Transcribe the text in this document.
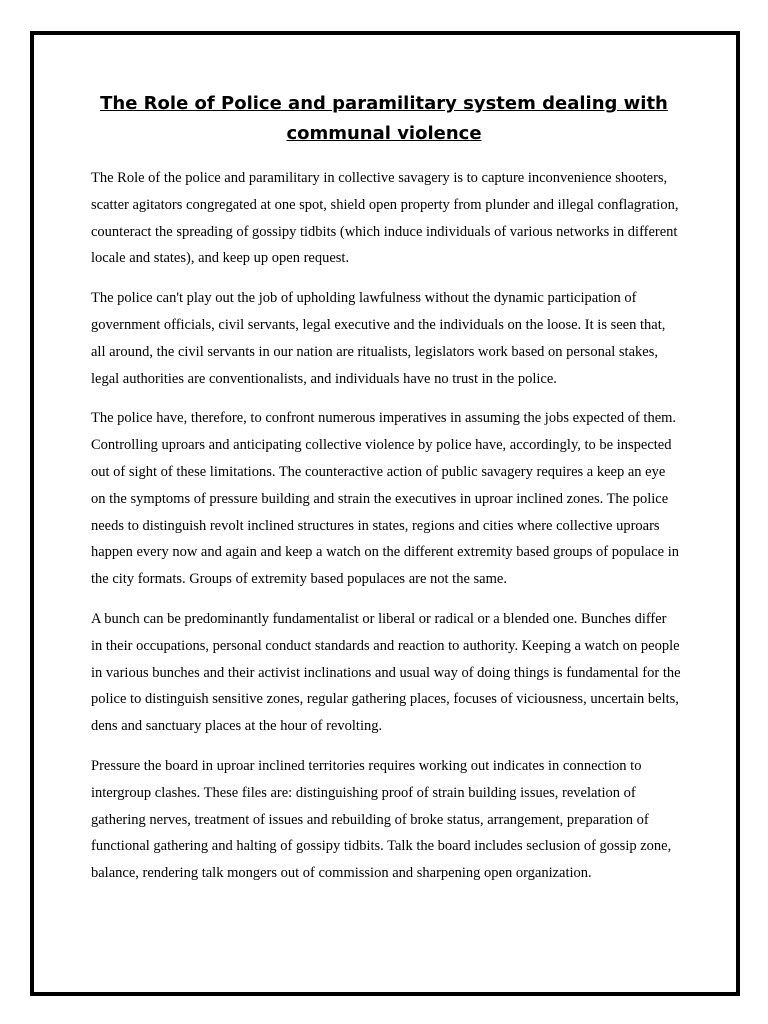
The Role of Police and paramilitary system dealing with communal violence

The Role of the police and paramilitary in collective savagery is to capture inconvenience shooters, scatter agitators congregated at one spot, shield open property from plunder and illegal conflagration, counteract the spreading of gossipy tidbits (which induce individuals of various networks in different locale and states), and keep up open request.

The police can't play out the job of upholding lawfulness without the dynamic participation of government officials, civil servants, legal executive and the individuals on the loose. It is seen that, all around, the civil servants in our nation are ritualists, legislators work based on personal stakes, legal authorities are conventionalists, and individuals have no trust in the police.

The police have, therefore, to confront numerous imperatives in assuming the jobs expected of them. Controlling uproars and anticipating collective violence by police have, accordingly, to be inspected out of sight of these limitations. The counteractive action of public savagery requires a keep an eye on the symptoms of pressure building and strain the executives in uproar inclined zones. The police needs to distinguish revolt inclined structures in states, regions and cities where collective uproars happen every now and again and keep a watch on the different extremity based groups of populace in the city formats. Groups of extremity based populaces are not the same.

A bunch can be predominantly fundamentalist or liberal or radical or a blended one. Bunches differ in their occupations, personal conduct standards and reaction to authority. Keeping a watch on people in various bunches and their activist inclinations and usual way of doing things is fundamental for the police to distinguish sensitive zones, regular gathering places, focuses of viciousness, uncertain belts, dens and sanctuary places at the hour of revolting.

Pressure the board in uproar inclined territories requires working out indicates in connection to intergroup clashes. These files are: distinguishing proof of strain building issues, revelation of gathering nerves, treatment of issues and rebuilding of broke status, arrangement, preparation of functional gathering and halting of gossipy tidbits. Talk the board includes seclusion of gossip zone, balance, rendering talk mongers out of commission and sharpening open organization.
